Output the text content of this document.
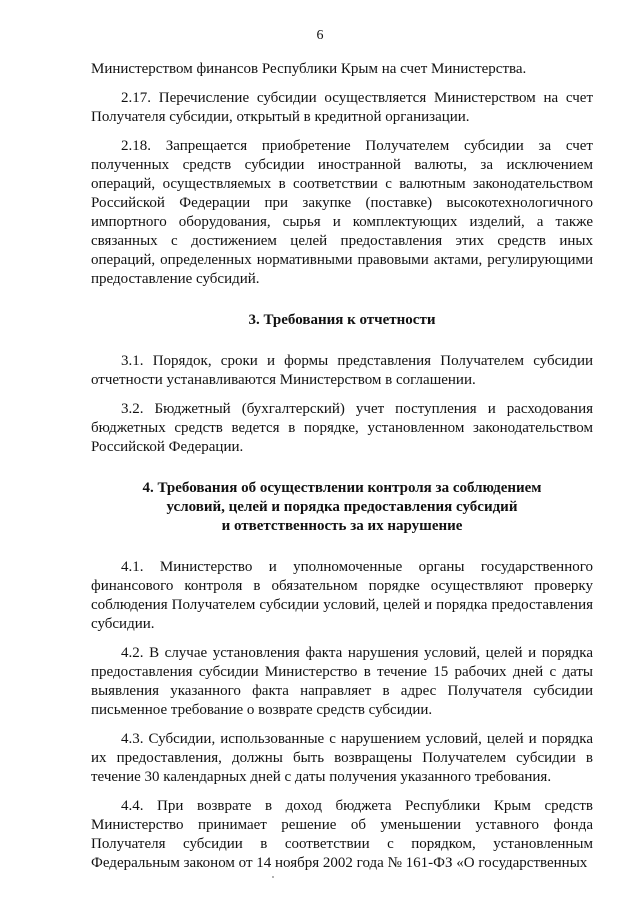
6

Министерством финансов Республики Крым на счет Министерства.

2.17. Перечисление субсидии осуществляется Министерством на счет Получателя субсидии, открытый в кредитной организации.

2.18. Запрещается приобретение Получателем субсидии за счет полученных средств субсидии иностранной валюты, за исключением операций, осуществляемых в соответствии с валютным законодательством Российской Федерации при закупке (поставке) высокотехнологичного импортного оборудования, сырья и комплектующих изделий, а также связанных с достижением целей предоставления этих средств иных операций, определенных нормативными правовыми актами, регулирующими предоставление субсидий.

3. Требования к отчетности

3.1. Порядок, сроки и формы представления Получателем субсидии отчетности устанавливаются Министерством в соглашении.

3.2. Бюджетный (бухгалтерский) учет поступления и расходования бюджетных средств ведется в порядке, установленном законодательством Российской Федерации.

4. Требования об осуществлении контроля за соблюдением
условий, целей и порядка предоставления субсидий
и ответственность за их нарушение

4.1. Министерство и уполномоченные органы государственного финансового контроля в обязательном порядке осуществляют проверку соблюдения Получателем субсидии условий, целей и порядка предоставления субсидии.

4.2. В случае установления факта нарушения условий, целей и порядка предоставления субсидии Министерство в течение 15 рабочих дней с даты выявления указанного факта направляет в адрес Получателя субсидии письменное требование о возврате средств субсидии.

4.3. Субсидии, использованные с нарушением условий, целей и порядка их предоставления, должны быть возвращены Получателем субсидии в течение 30 календарных дней с даты получения указанного требования.

4.4. При возврате в доход бюджета Республики Крым средств Министерство принимает решение об уменьшении уставного фонда Получателя субсидии в соответствии с порядком, установленным Федеральным законом от 14 ноября 2002 года № 161-ФЗ «О государственных
